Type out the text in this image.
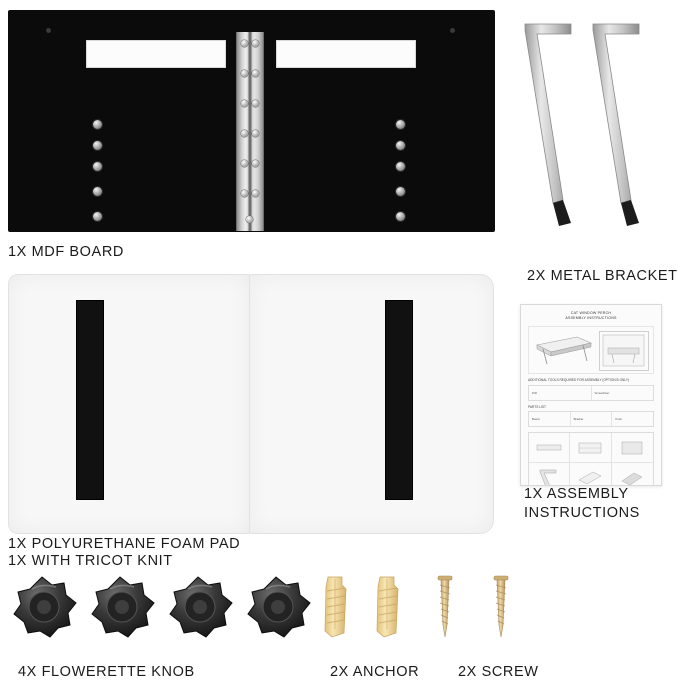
1X MDF BOARD
2X METAL BRACKET
1X POLYURETHANE FOAM PAD
1X WITH TRICOT KNIT
CAT WINDOW PERCH
ASSEMBLY INSTRUCTIONS
ADDITIONAL TOOLS REQUIRED FOR ASSEMBLY (OPTION B ONLY)
Drill	Screwdriver
PARTS LIST
Board	Bracket	Knob
1X ASSEMBLY
INSTRUCTIONS
4X FLOWERETTE KNOB	2X ANCHOR	2X SCREW
